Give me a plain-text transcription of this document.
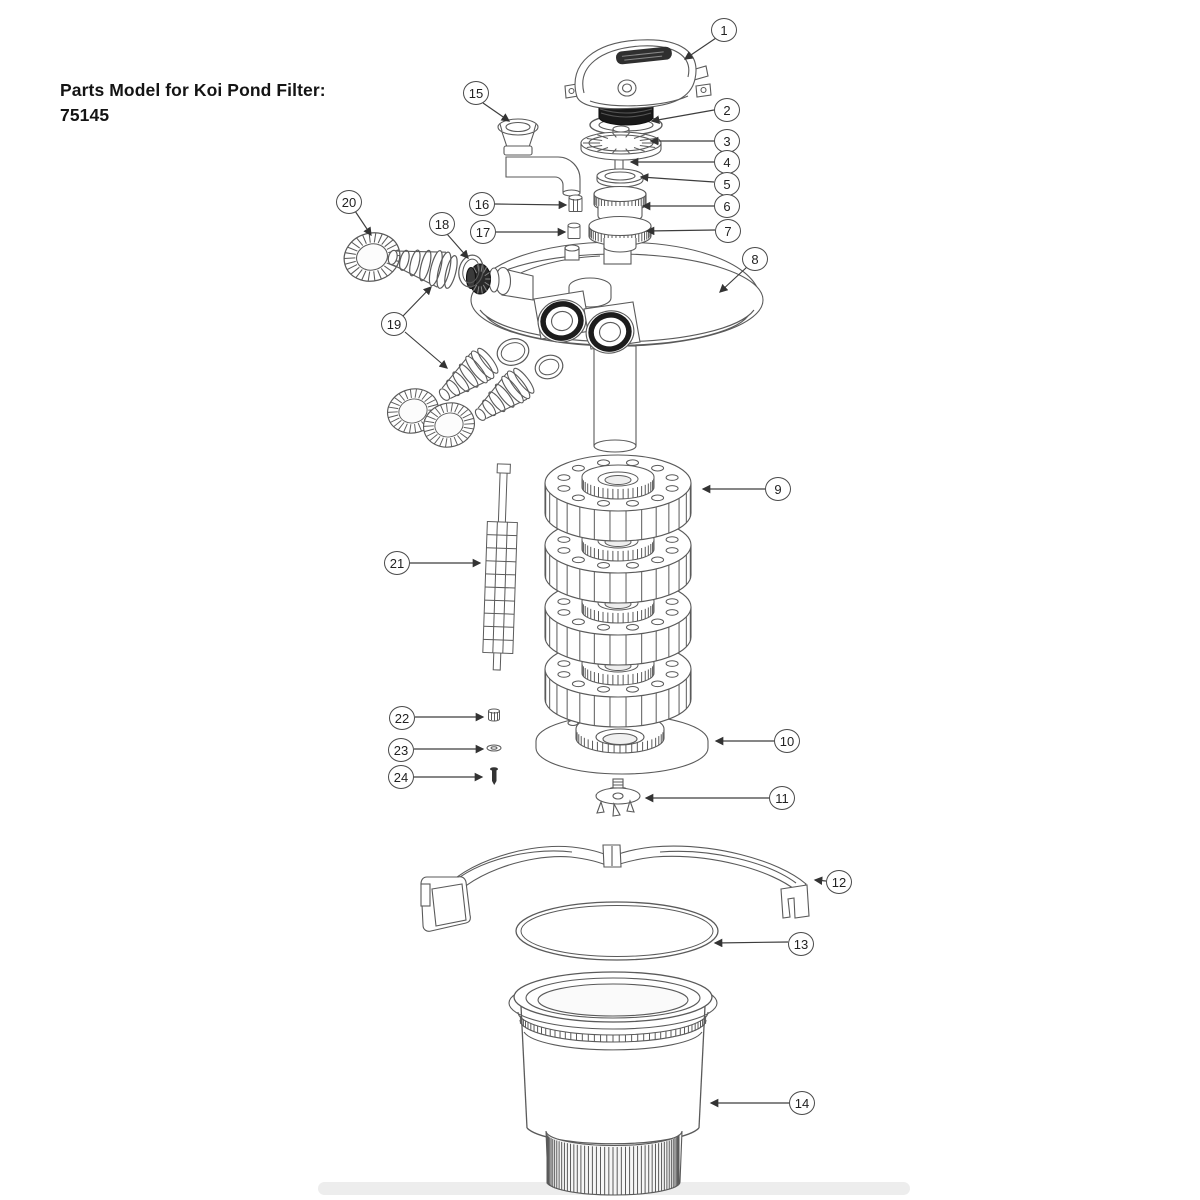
Parts Model for Koi Pond Filter:
75145
1
2
3
4
5
6
7
8
9
10
11
12
13
14
15
16
17
18
19
20
21
22
23
24
